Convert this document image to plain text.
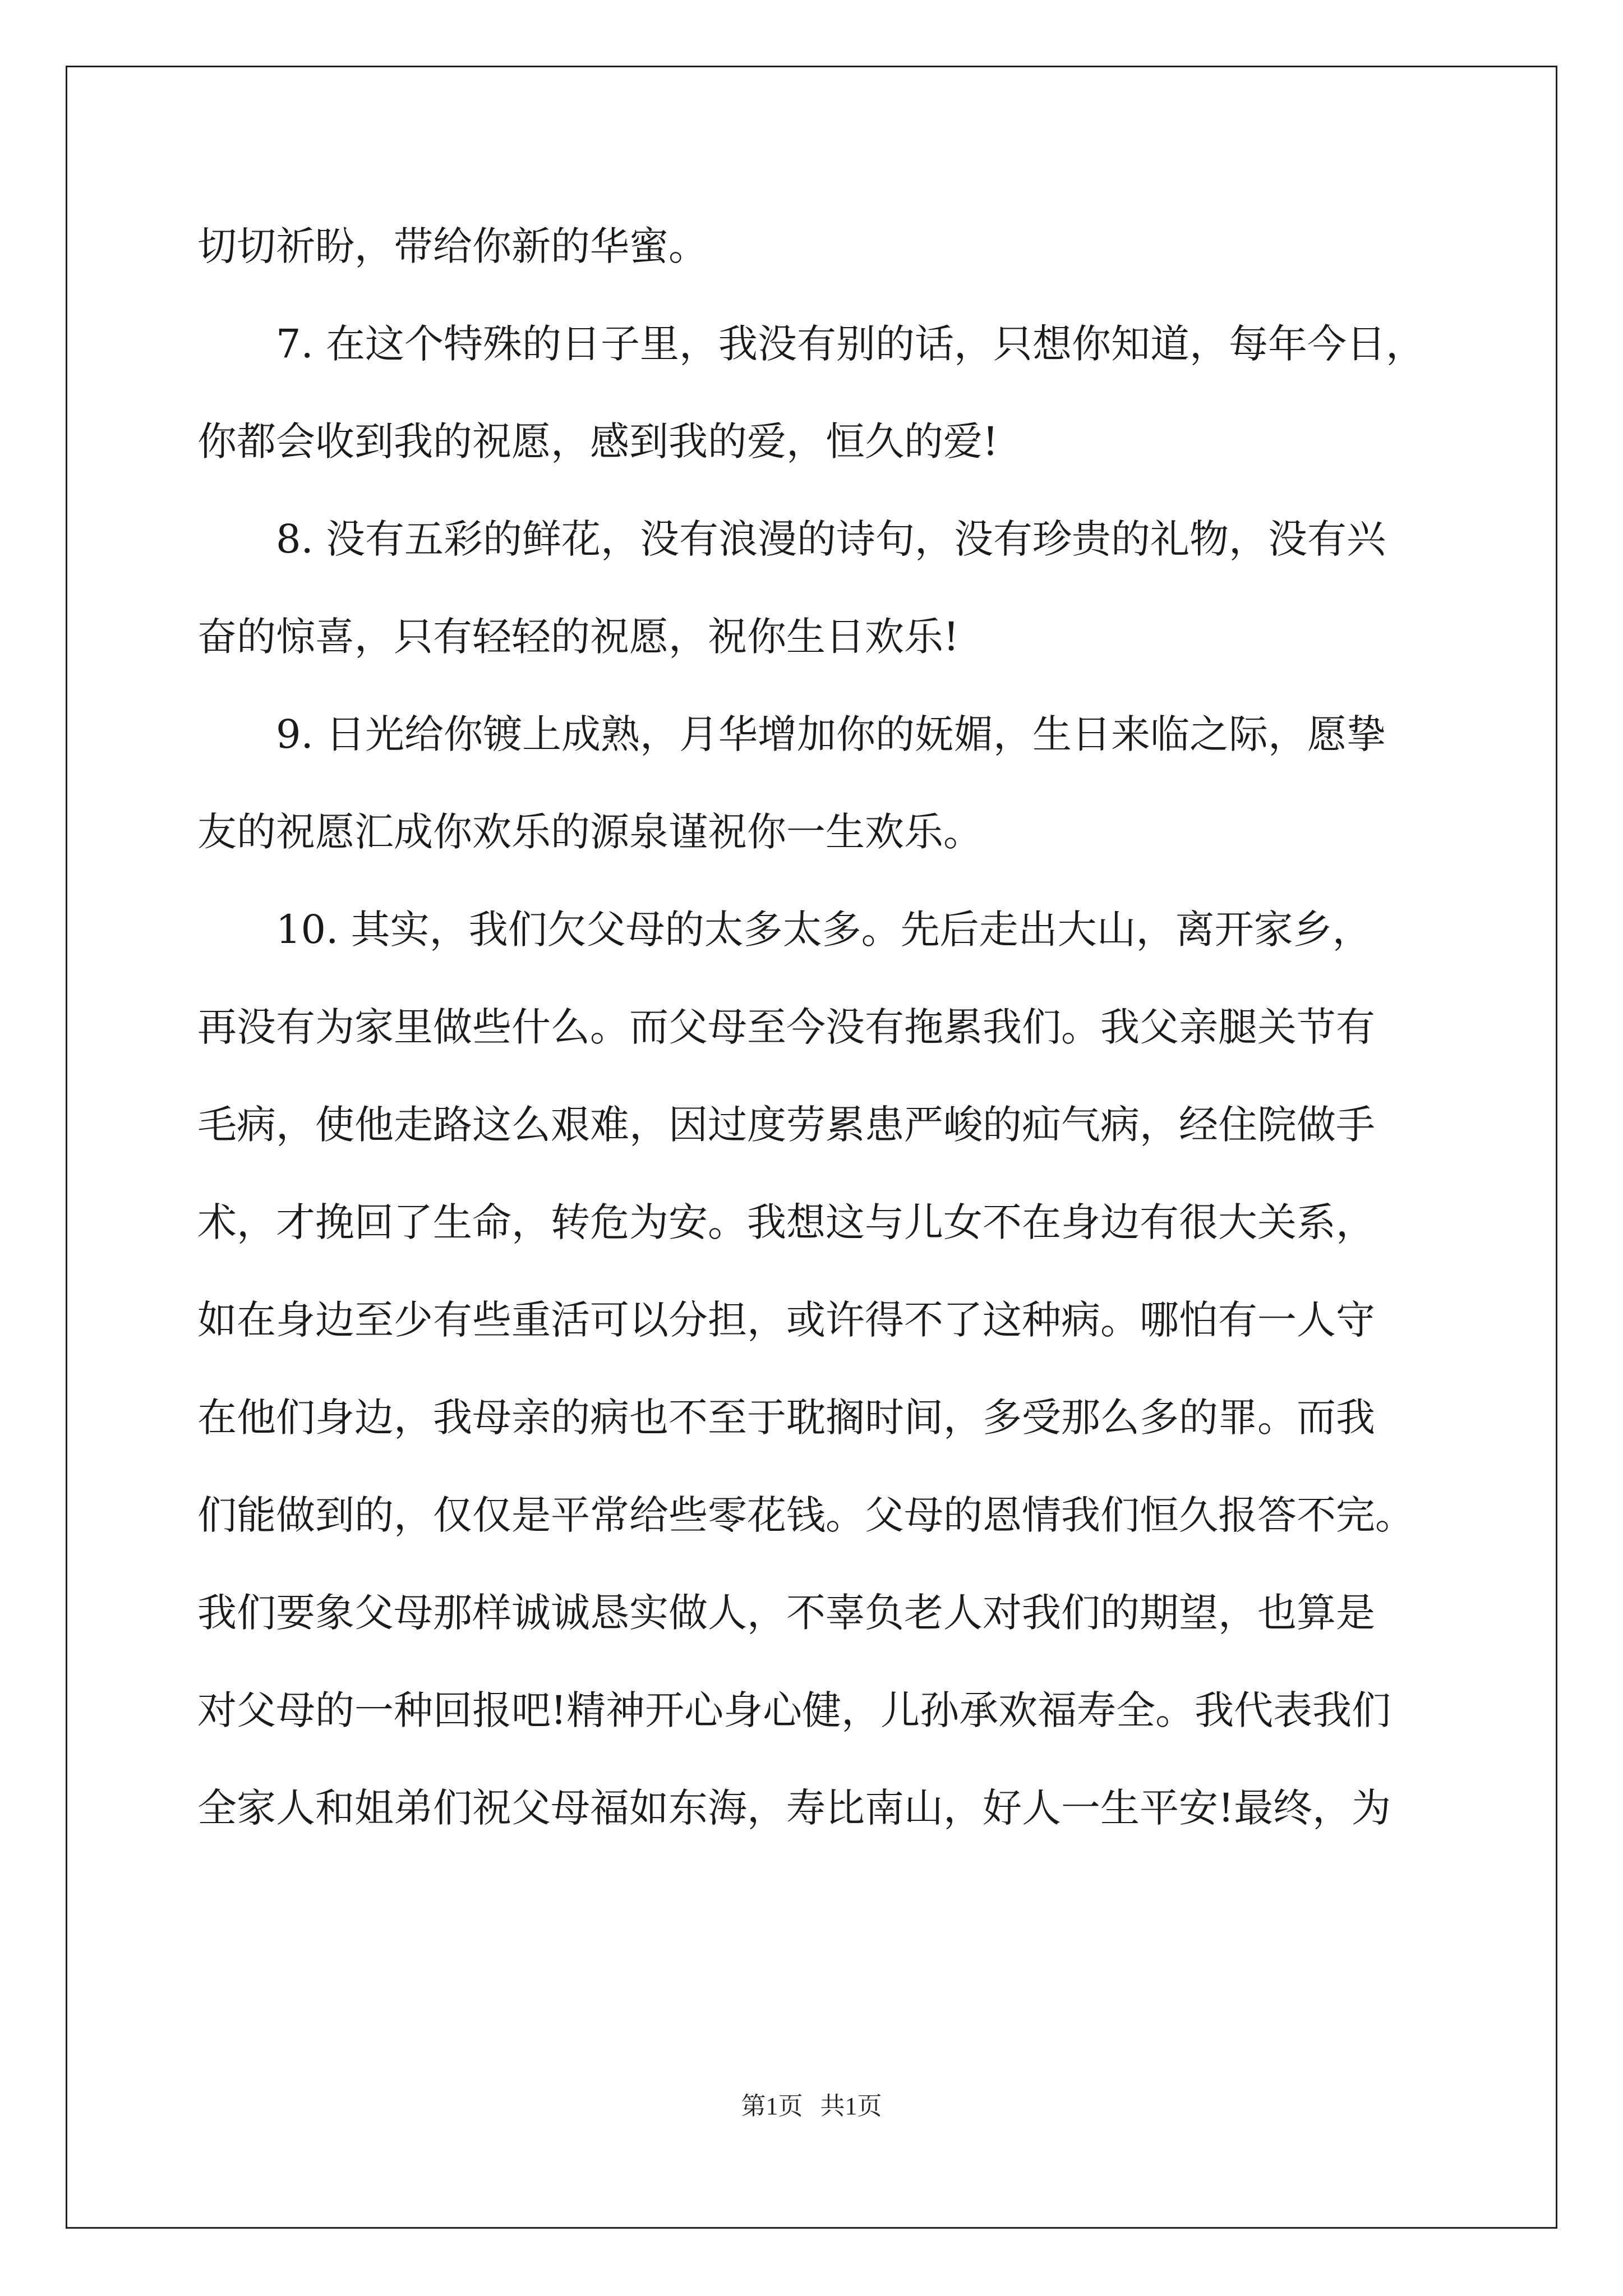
切切祈盼，带给你新的华蜜。
7. 在这个特殊的日子里，我没有别的话，只想你知道，每年今日，
你都会收到我的祝愿，感到我的爱，恒久的爱!
8. 没有五彩的鲜花，没有浪漫的诗句，没有珍贵的礼物，没有兴
奋的惊喜，只有轻轻的祝愿，祝你生日欢乐!
9. 日光给你镀上成熟，月华增加你的妩媚，生日来临之际，愿挚
友的祝愿汇成你欢乐的源泉谨祝你一生欢乐。
10. 其实，我们欠父母的太多太多。先后走出大山，离开家乡，
再没有为家里做些什么。而父母至今没有拖累我们。我父亲腿关节有
毛病，使他走路这么艰难，因过度劳累患严峻的疝气病，经住院做手
术，才挽回了生命，转危为安。我想这与儿女不在身边有很大关系，
如在身边至少有些重活可以分担，或许得不了这种病。哪怕有一人守
在他们身边，我母亲的病也不至于耽搁时间，多受那么多的罪。而我
们能做到的，仅仅是平常给些零花钱。父母的恩情我们恒久报答不完。
我们要象父母那样诚诚恳实做人，不辜负老人对我们的期望，也算是
对父母的一种回报吧!精神开心身心健，儿孙承欢福寿全。我代表我们
全家人和姐弟们祝父母福如东海，寿比南山，好人一生平安!最终，为
第1页 共1页
